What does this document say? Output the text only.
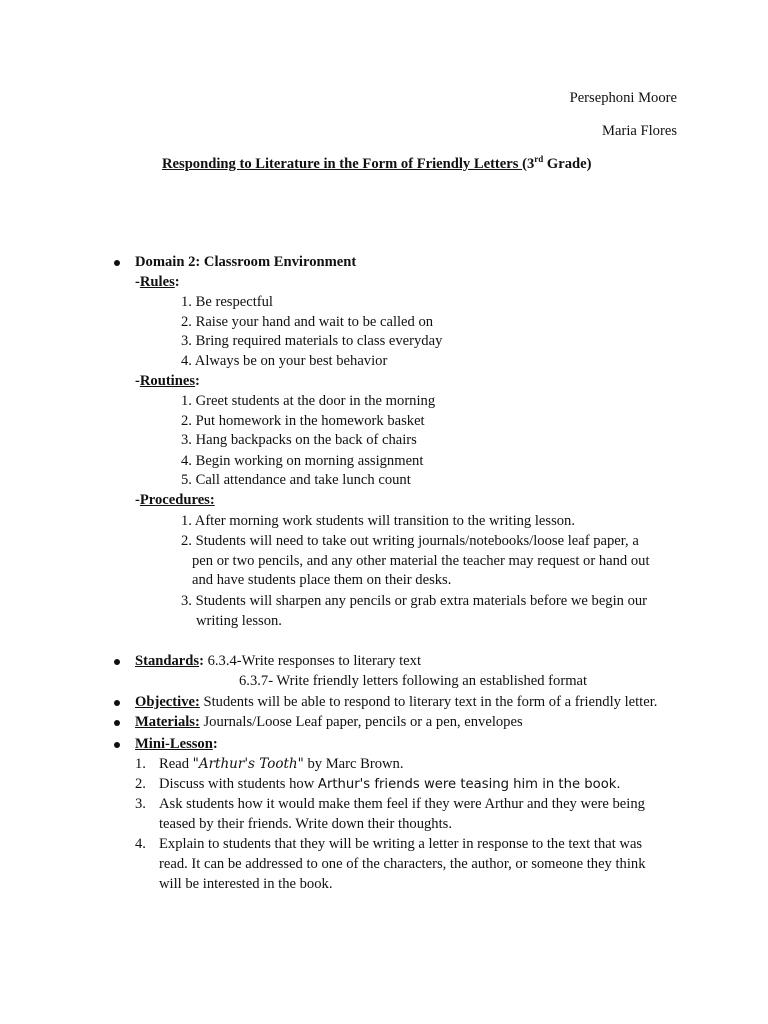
Persephoni Moore
Maria Flores
Responding to Literature in the Form of Friendly Letters (3rd Grade)
Domain 2: Classroom Environment
-Rules:
1. Be respectful
2. Raise your hand and wait to be called on
3. Bring required materials to class everyday
4. Always be on your best behavior
-Routines:
1. Greet students at the door in the morning
2. Put homework in the homework basket
3. Hang backpacks on the back of chairs
4. Begin working on morning assignment
5. Call attendance and take lunch count
-Procedures:
1. After morning work students will transition to the writing lesson.
2. Students will need to take out writing journals/notebooks/loose leaf paper, a
pen or two pencils, and any other material the teacher may request or hand out
and have students place them on their desks.
3. Students will sharpen any pencils or grab extra materials before we begin our
writing lesson.
Standards: 6.3.4-Write responses to literary text
6.3.7- Write friendly letters following an established format
Objective: Students will be able to respond to literary text in the form of a friendly letter.
Materials: Journals/Loose Leaf paper, pencils or a pen, envelopes
Mini-Lesson:
1. Read "Arthur's Tooth" by Marc Brown.
2. Discuss with students how Arthur's friends were teasing him in the book.
3. Ask students how it would make them feel if they were Arthur and they were being
teased by their friends. Write down their thoughts.
4. Explain to students that they will be writing a letter in response to the text that was
read. It can be addressed to one of the characters, the author, or someone they think
will be interested in the book.
